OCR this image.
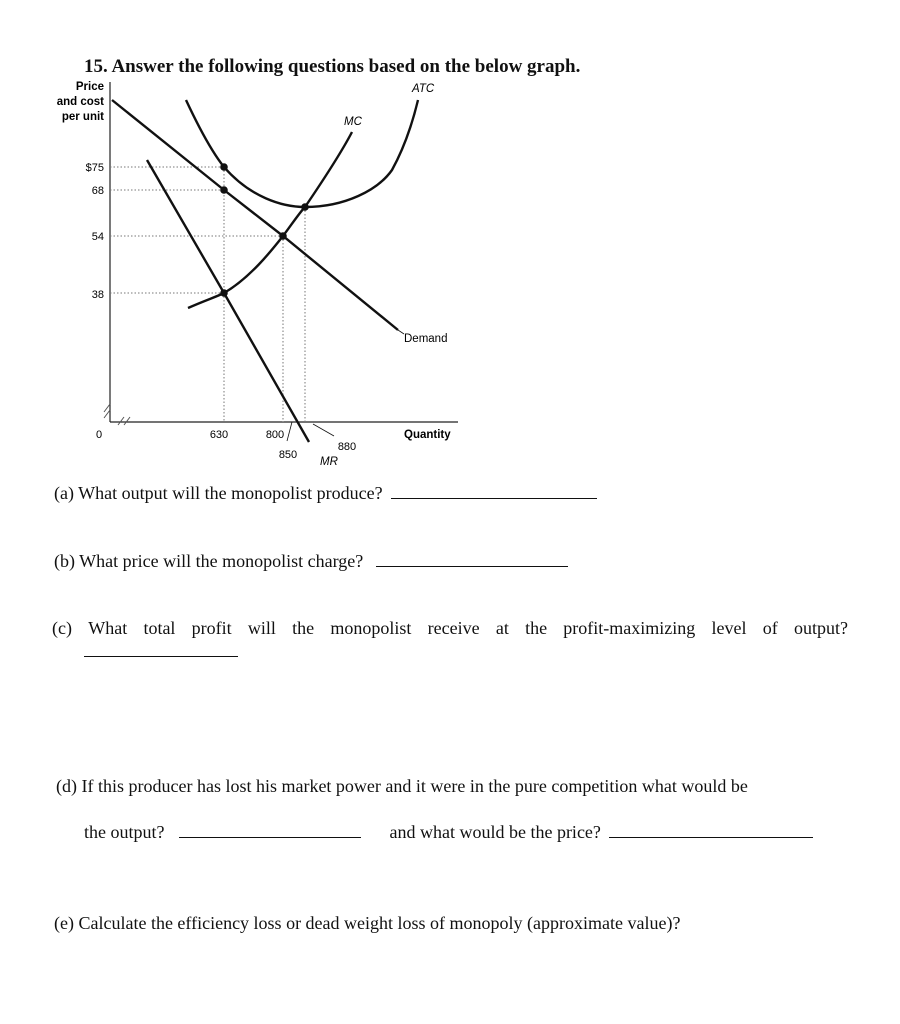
15. Answer the following questions based on the below graph.
Price
and cost
per unit
Quantity
0
$75
68
54
38
630	800
850
880
ATC
MC
Demand
MR
(a) What output will the monopolist produce?
(b) What price will the monopolist charge?
(c) What total profit will the monopolist receive at the profit-maximizing level of output?
(d) If this producer has lost his market power and it were in the pure competition what would be
the output?	and what would be the price?
(e) Calculate the efficiency loss or dead weight loss of monopoly (approximate value)?
